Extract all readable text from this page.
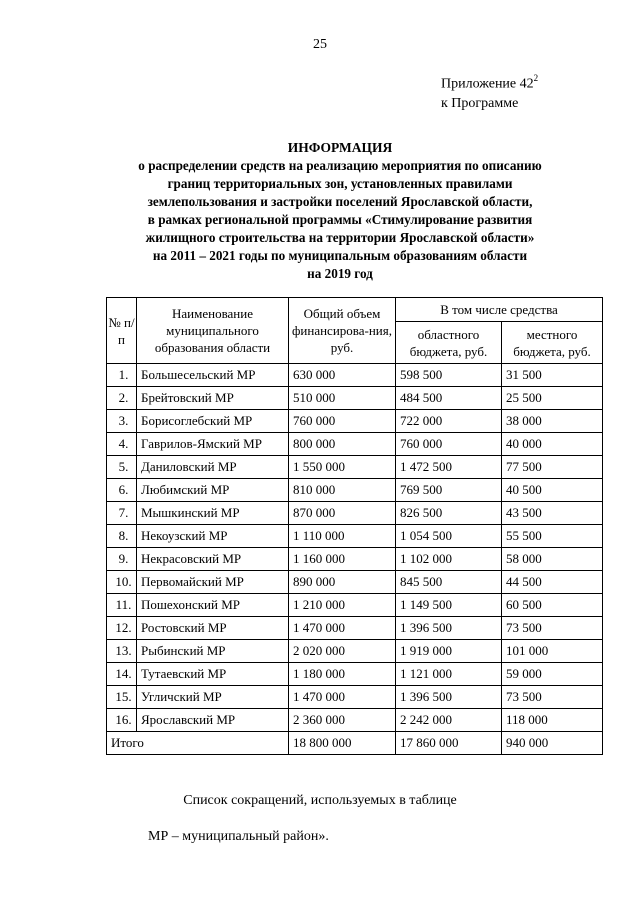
25
Приложение $42^2$
к Программе
ИНФОРМАЦИЯ
о распределении средств на реализацию мероприятия по описанию
границ территориальных зон, установленных правилами
землепользования и застройки поселений Ярославской области,
в рамках региональной программы «Стимулирование развития
жилищного строительства на территории Ярославской области»
на 2011 – 2021 годы по муниципальным образованиям области
на 2019 год
№ п/п	Наименование муниципального образования области	Общий объем финансирова-ния, руб.	В том числе средства	
			областного бюджета, руб.	местного бюджета, руб.
1.	Большесельский МР	630 000	598 500	31 500
2.	Брейтовский МР	510 000	484 500	25 500
3.	Борисоглебский МР	760 000	722 000	38 000
4.	Гаврилов-Ямский МР	800 000	760 000	40 000
5.	Даниловский МР	1 550 000	1 472 500	77 500
6.	Любимский МР	810 000	769 500	40 500
7.	Мышкинский МР	870 000	826 500	43 500
8.	Некоузский МР	1 110 000	1 054 500	55 500
9.	Некрасовский МР	1 160 000	1 102 000	58 000
10.	Первомайский МР	890 000	845 500	44 500
11.	Пошехонский МР	1 210 000	1 149 500	60 500
12.	Ростовский МР	1 470 000	1 396 500	73 500
13.	Рыбинский МР	2 020 000	1 919 000	101 000
14.	Тутаевский МР	1 180 000	1 121 000	59 000
15.	Угличский МР	1 470 000	1 396 500	73 500
16.	Ярославский МР	2 360 000	2 242 000	118 000
Итого		18 800 000	17 860 000	940 000
Список сокращений, используемых в таблице
МР – муниципальный район».
